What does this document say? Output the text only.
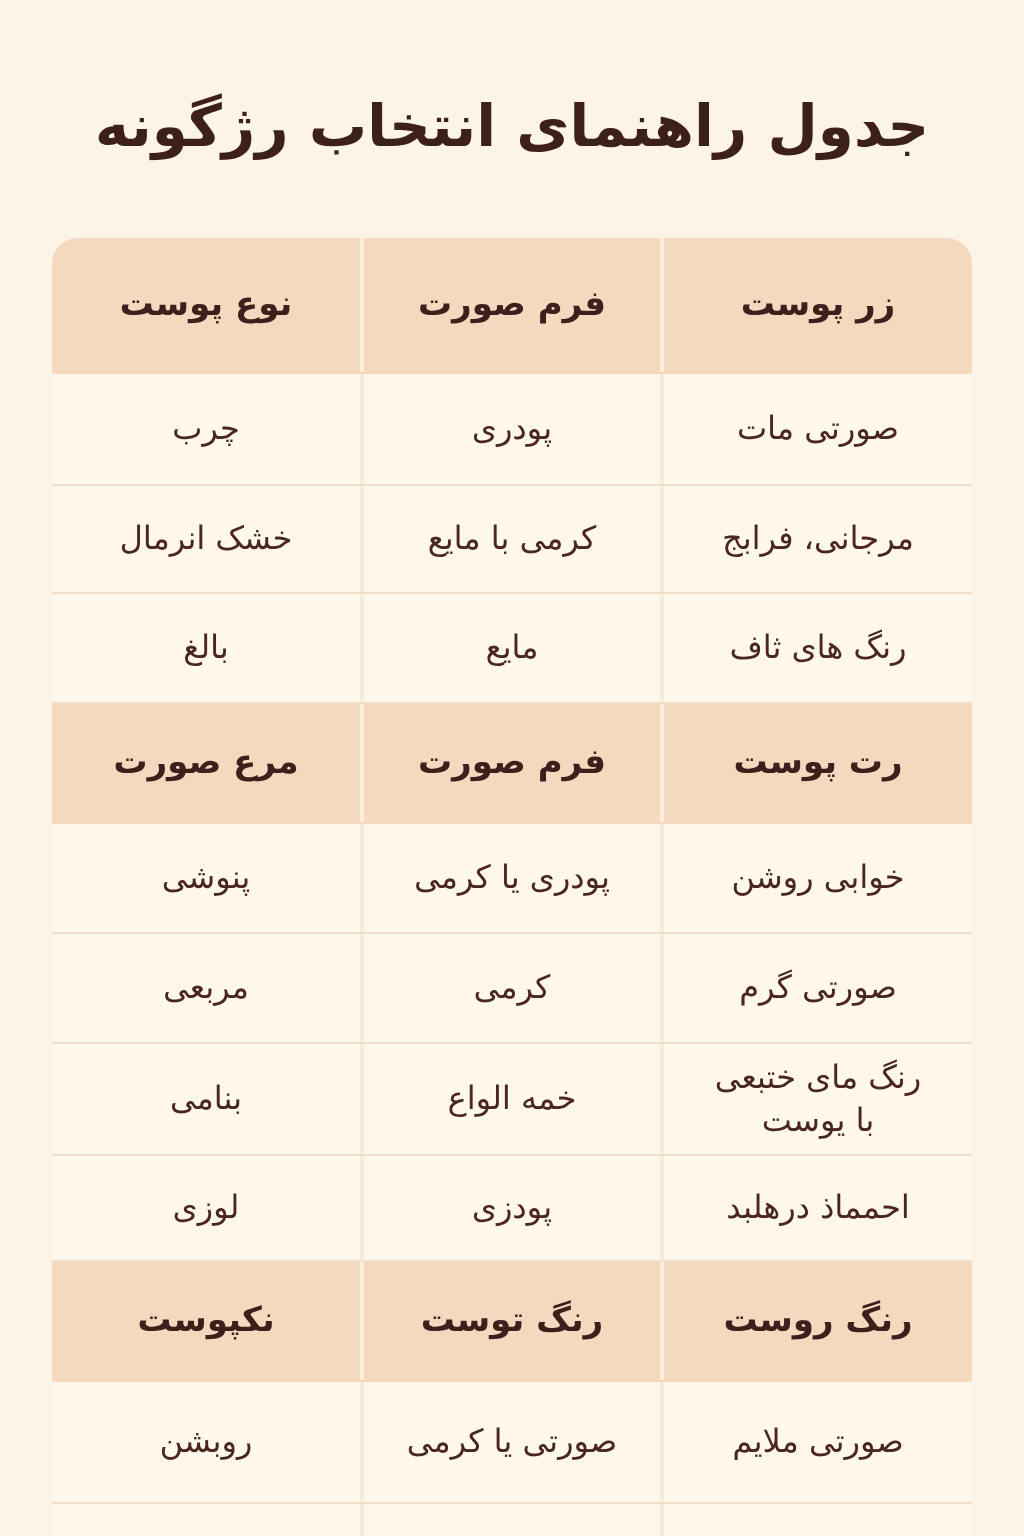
جدول راهنمای انتخاب رژگونه
زر پوست
فرم صورت
نوع پوست
صورتی مات
پودری
چرب
مرجانی، فرابج
کرمی با مایع
خشک انرمال
رنگ های ثاف
مایع
بالغ
رت پوست
فرم صورت
مرع صورت
خوابی روشن
پودری یا کرمی
پنوشی
صورتی گرم
کرمی
مربعی
رنگ مای ختبعی
با یوست
خمه الواع
بنامی
احمماذ درهلبد
پودزی
لوزی
رنگ روست
رنگ توست
نکپوست
صورتی ملایم
صورتی یا کرمی
روبشن
